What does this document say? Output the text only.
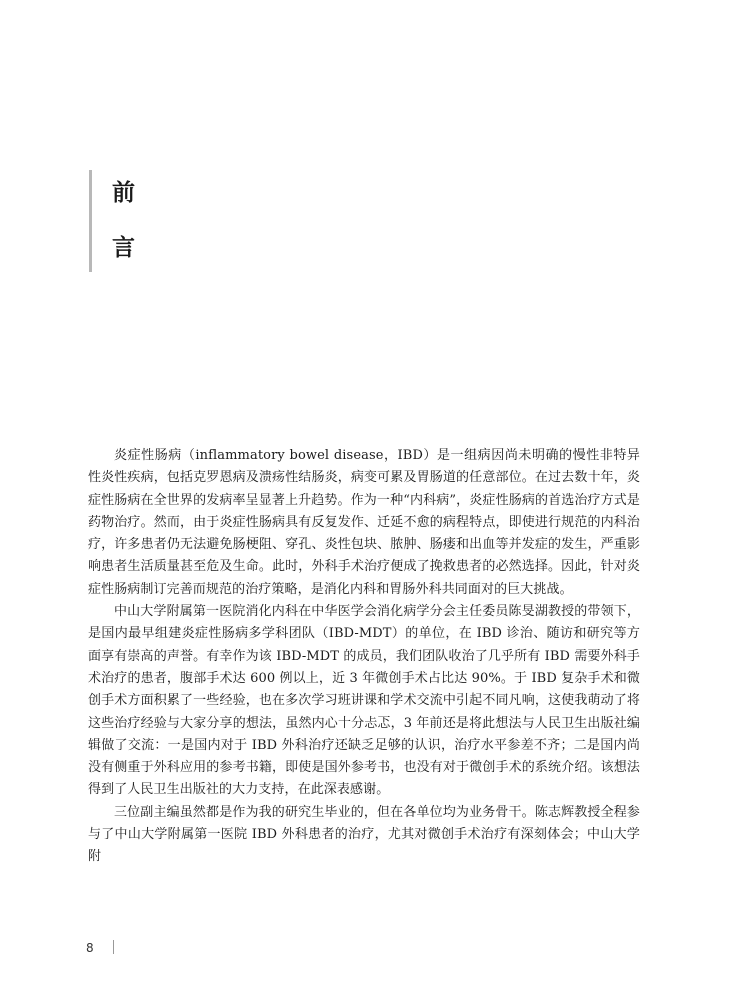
前
言

炎症性肠病（inflammatory bowel disease，IBD）是一组病因尚未明确的慢性非特异性炎性疾病，包括克罗恩病及溃疡性结肠炎，病变可累及胃肠道的任意部位。在过去数十年，炎症性肠病在全世界的发病率呈显著上升趋势。作为一种“内科病”，炎症性肠病的首选治疗方式是药物治疗。然而，由于炎症性肠病具有反复发作、迁延不愈的病程特点，即使进行规范的内科治疗，许多患者仍无法避免肠梗阻、穿孔、炎性包块、脓肿、肠瘘和出血等并发症的发生，严重影响患者生活质量甚至危及生命。此时，外科手术治疗便成了挽救患者的必然选择。因此，针对炎症性肠病制订完善而规范的治疗策略，是消化内科和胃肠外科共同面对的巨大挑战。

中山大学附属第一医院消化内科在中华医学会消化病学分会主任委员陈旻湖教授的带领下，是国内最早组建炎症性肠病多学科团队（IBD-MDT）的单位，在 IBD 诊治、随访和研究等方面享有崇高的声誉。有幸作为该 IBD-MDT 的成员，我们团队收治了几乎所有 IBD 需要外科手术治疗的患者，腹部手术达 600 例以上，近 3 年微创手术占比达 90%。于 IBD 复杂手术和微创手术方面积累了一些经验，也在多次学习班讲课和学术交流中引起不同凡响，这使我萌动了将这些治疗经验与大家分享的想法，虽然内心十分忐忑，3 年前还是将此想法与人民卫生出版社编辑做了交流：一是国内对于 IBD 外科治疗还缺乏足够的认识，治疗水平参差不齐；二是国内尚没有侧重于外科应用的参考书籍，即使是国外参考书，也没有对于微创手术的系统介绍。该想法得到了人民卫生出版社的大力支持，在此深表感谢。

三位副主编虽然都是作为我的研究生毕业的，但在各单位均为业务骨干。陈志辉教授全程参与了中山大学附属第一医院 IBD 外科患者的治疗，尤其对微创手术治疗有深刻体会；中山大学附

8
